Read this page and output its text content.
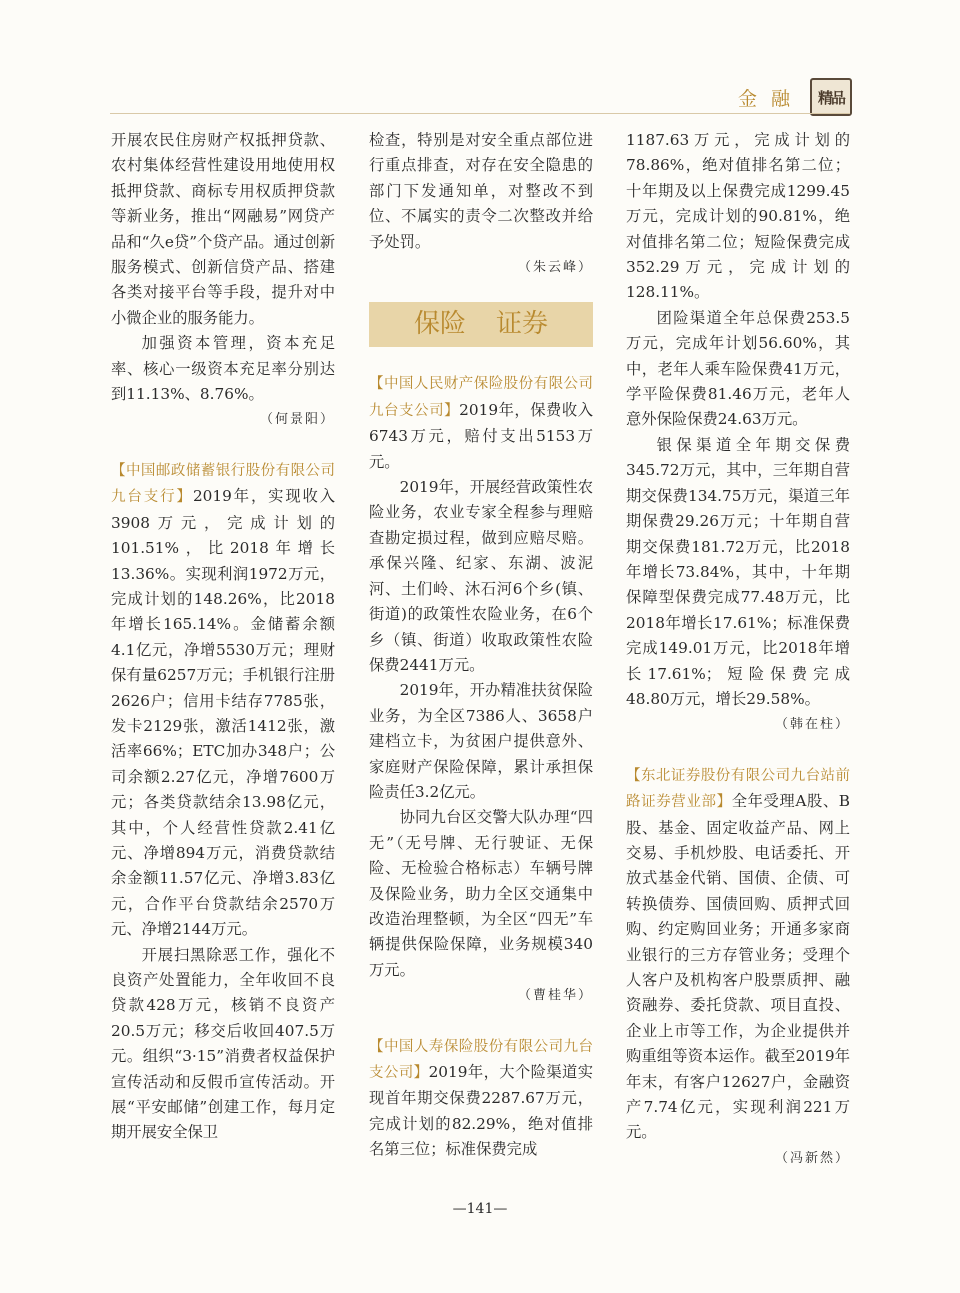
金融 精品

开展农民住房财产权抵押贷款、农村集体经营性建设用地使用权抵押贷款、商标专用权质押贷款等新业务，推出“网融易”网贷产品和“久e贷”个贷产品。通过创新服务模式、创新信贷产品、搭建各类对接平台等手段，提升对中小微企业的服务能力。

加强资本管理，资本充足率、核心一级资本充足率分别达到11.13%、8.76%。

（何景阳）

【中国邮政储蓄银行股份有限公司九台支行】2019年，实现收入3908万元，完成计划的101.51%，比2018年增长13.36%。实现利润1972万元，完成计划的148.26%，比2018年增长165.14%。金储蓄余额4.1亿元，净增5530万元；理财保有量6257万元；手机银行注册2626户；信用卡结存7785张，发卡2129张，激活1412张，激活率66%；ETC加办348户；公司余额2.27亿元，净增7600万元；各类贷款结余13.98亿元，其中，个人经营性贷款2.41亿元、净增894万元，消费贷款结余金额11.57亿元、净增3.83亿元，合作平台贷款结余2570万元、净增2144万元。

开展扫黑除恶工作，强化不良资产处置能力，全年收回不良贷款428万元，核销不良资产20.5万元；移交后收回407.5万元。组织“3·15”消费者权益保护宣传活动和反假币宣传活动。开展“平安邮储”创建工作，每月定期开展安全保卫

检查，特别是对安全重点部位进行重点排查，对存在安全隐患的部门下发通知单，对整改不到位、不属实的责令二次整改并给予处罚。

（朱云峰）

保险 证券

【中国人民财产保险股份有限公司九台支公司】2019年，保费收入6743万元，赔付支出5153万元。

2019年，开展经营政策性农险业务，农业专家全程参与理赔查勘定损过程，做到应赔尽赔。承保兴隆、纪家、东湖、波泥河、土们岭、沐石河6个乡(镇、街道)的政策性农险业务，在6个乡（镇、街道）收取政策性农险保费2441万元。

2019年，开办精准扶贫保险业务，为全区7386人、3658户建档立卡，为贫困户提供意外、家庭财产保险保障，累计承担保险责任3.2亿元。

协同九台区交警大队办理“四无”（无号牌、无行驶证、无保险、无检验合格标志）车辆号牌及保险业务，助力全区交通集中改造治理整顿，为全区“四无”车辆提供保险保障，业务规模340万元。

（曹桂华）

【中国人寿保险股份有限公司九台支公司】2019年，大个险渠道实现首年期交保费2287.67万元，完成计划的82.29%，绝对值排名第三位；标准保费完成

1187.63万元，完成计划的78.86%，绝对值排名第二位；十年期及以上保费完成1299.45万元，完成计划的90.81%，绝对值排名第二位；短险保费完成352.29万元，完成计划的128.11%。

团险渠道全年总保费253.5万元，完成年计划56.60%，其中，老年人乘车险保费41万元，学平险保费81.46万元，老年人意外保险保费24.63万元。

银保渠道全年期交保费345.72万元，其中，三年期自营期交保费134.75万元，渠道三年期保费29.26万元；十年期自营期交保费181.72万元，比2018年增长73.84%，其中，十年期保障型保费完成77.48万元，比2018年增长17.61%；标准保费完成149.01万元，比2018年增长17.61%；短险保费完成48.80万元，增长29.58%。

（韩在柱）

【东北证券股份有限公司九台站前路证券营业部】全年受理A股、B股、基金、固定收益产品、网上交易、手机炒股、电话委托、开放式基金代销、国债、企债、可转换债券、国债回购、质押式回购、约定购回业务；开通多家商业银行的三方存管业务；受理个人客户及机构客户股票质押、融资融券、委托贷款、项目直投、企业上市等工作，为企业提供并购重组等资本运作。截至2019年年末，有客户12627户，金融资产7.74亿元，实现利润221万元。

（冯新然）

—141—
